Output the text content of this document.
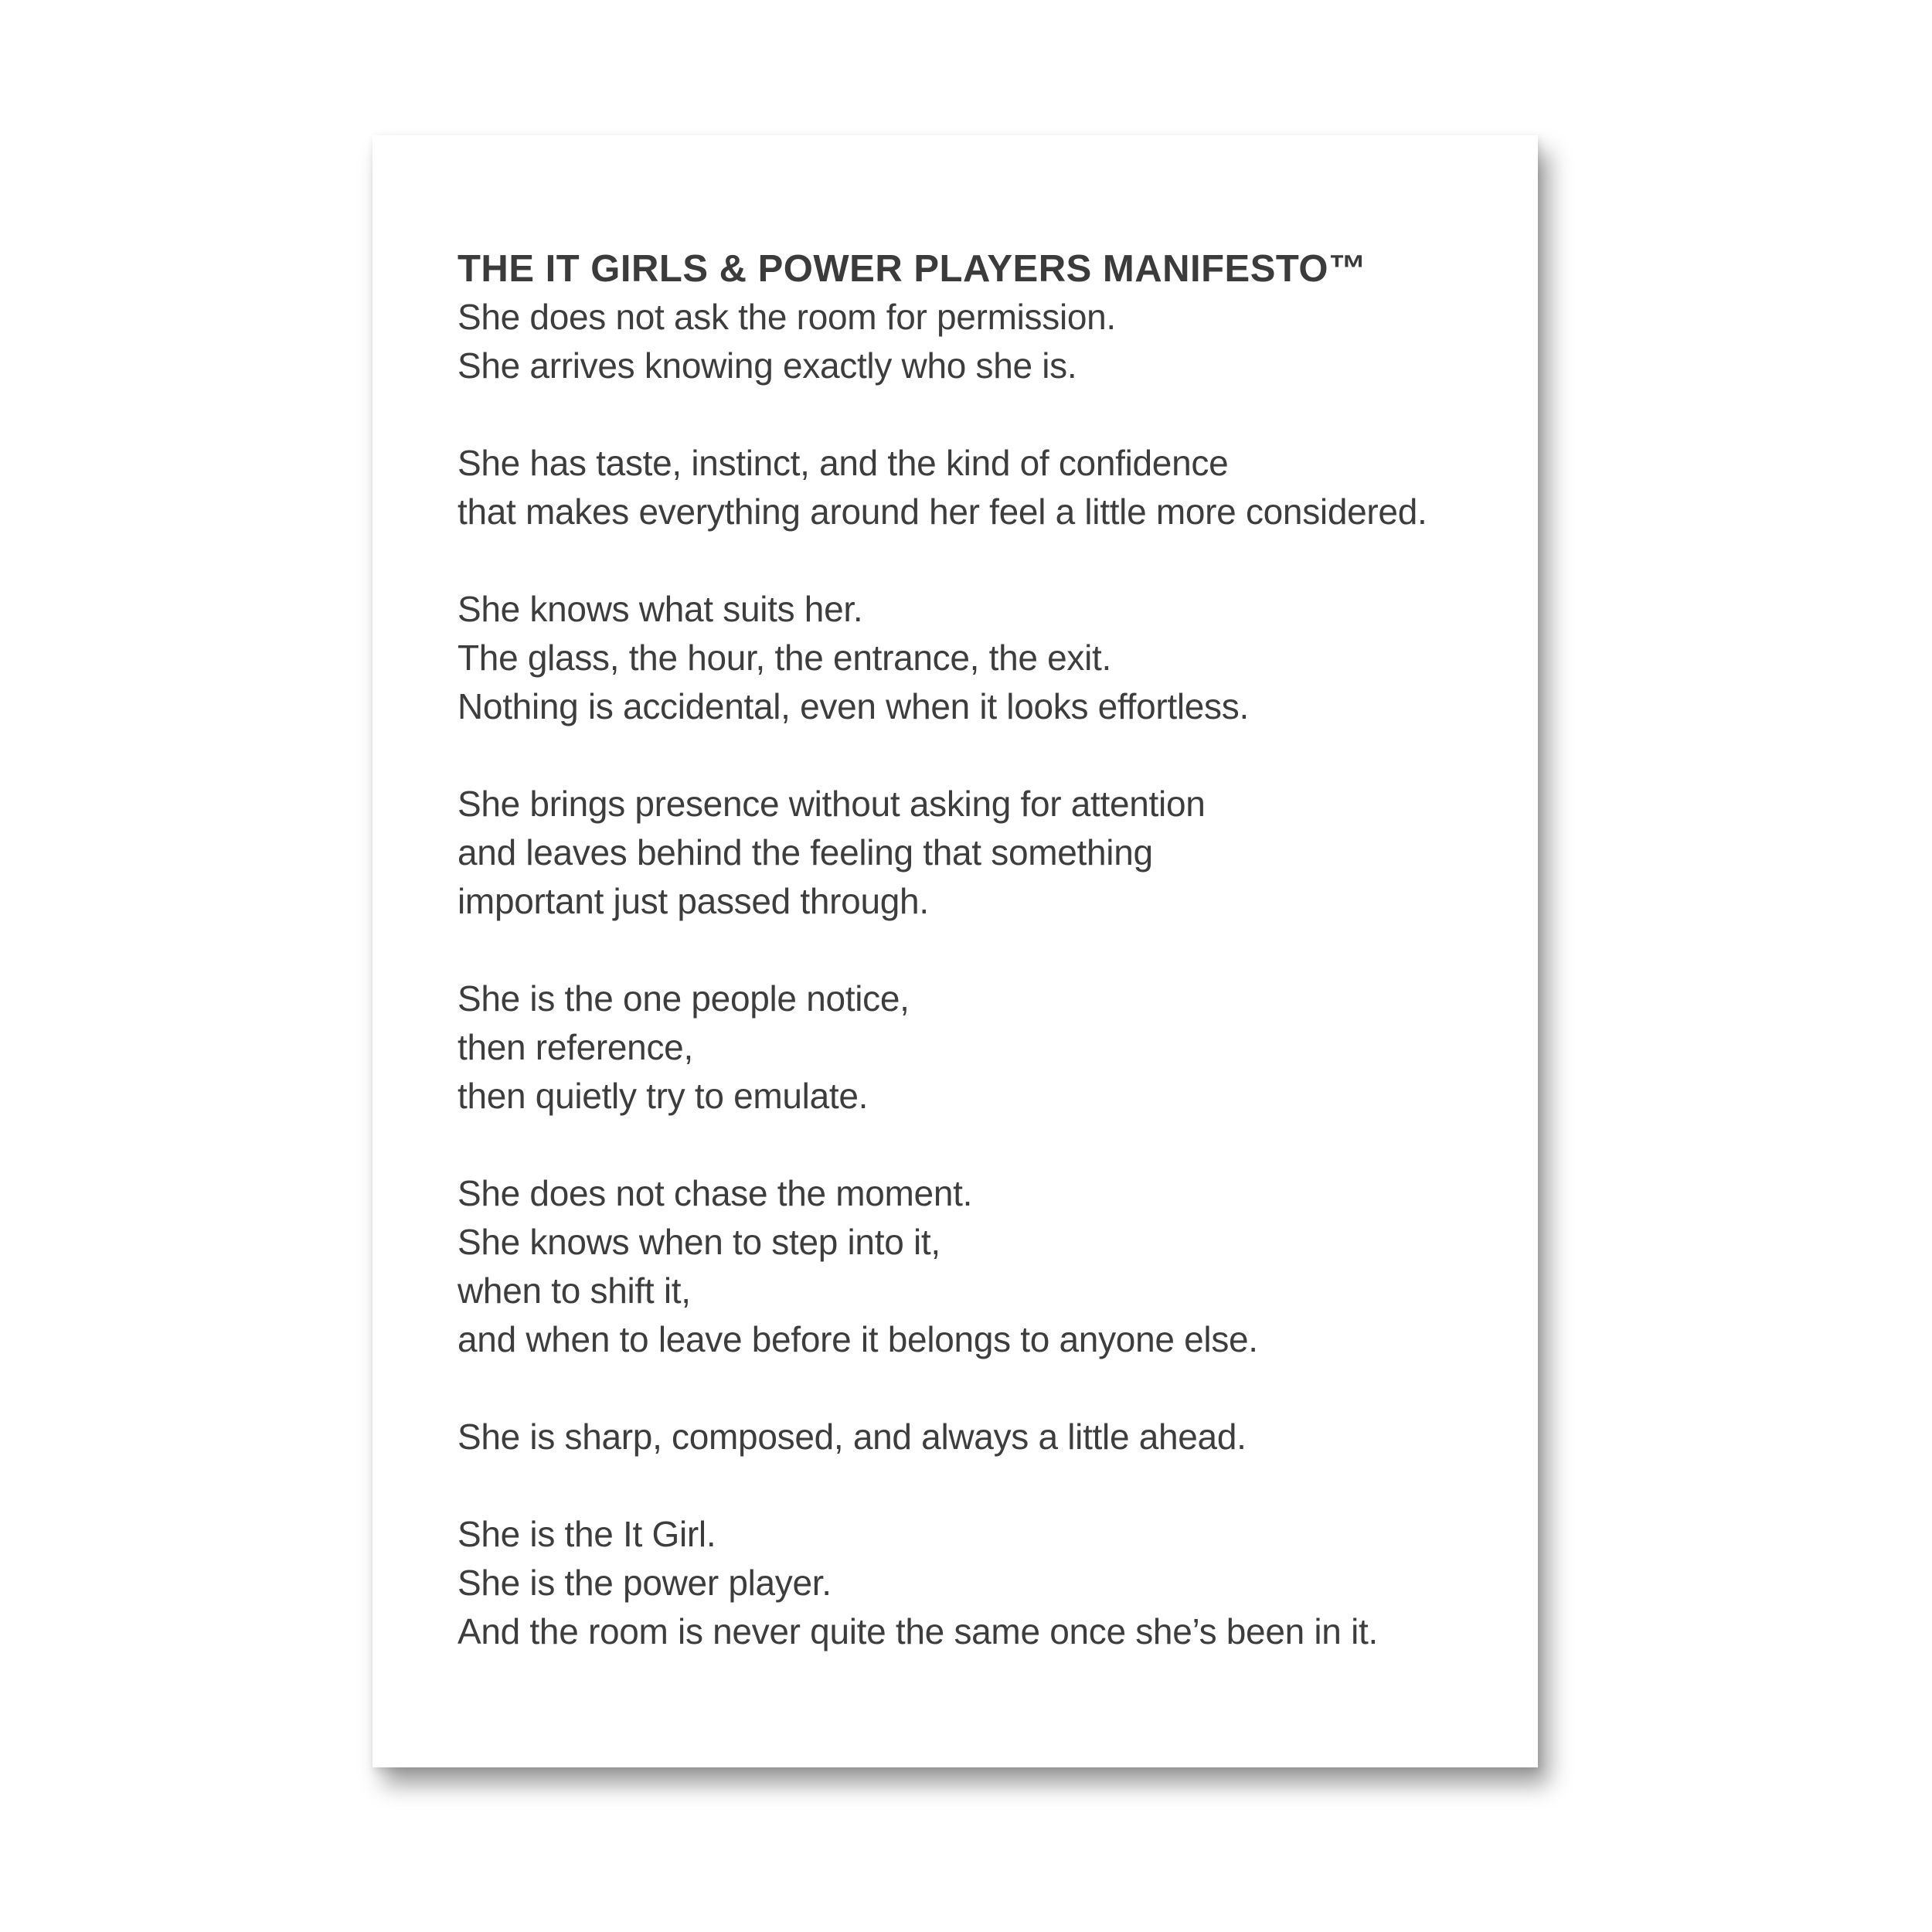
THE IT GIRLS & POWER PLAYERS MANIFESTO™
She does not ask the room for permission.
She arrives knowing exactly who she is.
She has taste, instinct, and the kind of confidence
that makes everything around her feel a little more considered.
She knows what suits her.
The glass, the hour, the entrance, the exit.
Nothing is accidental, even when it looks effortless.
She brings presence without asking for attention
and leaves behind the feeling that something
important just passed through.
She is the one people notice,
then reference,
then quietly try to emulate.
She does not chase the moment.
She knows when to step into it,
when to shift it,
and when to leave before it belongs to anyone else.
She is sharp, composed, and always a little ahead.
She is the It Girl.
She is the power player.
And the room is never quite the same once she’s been in it.
